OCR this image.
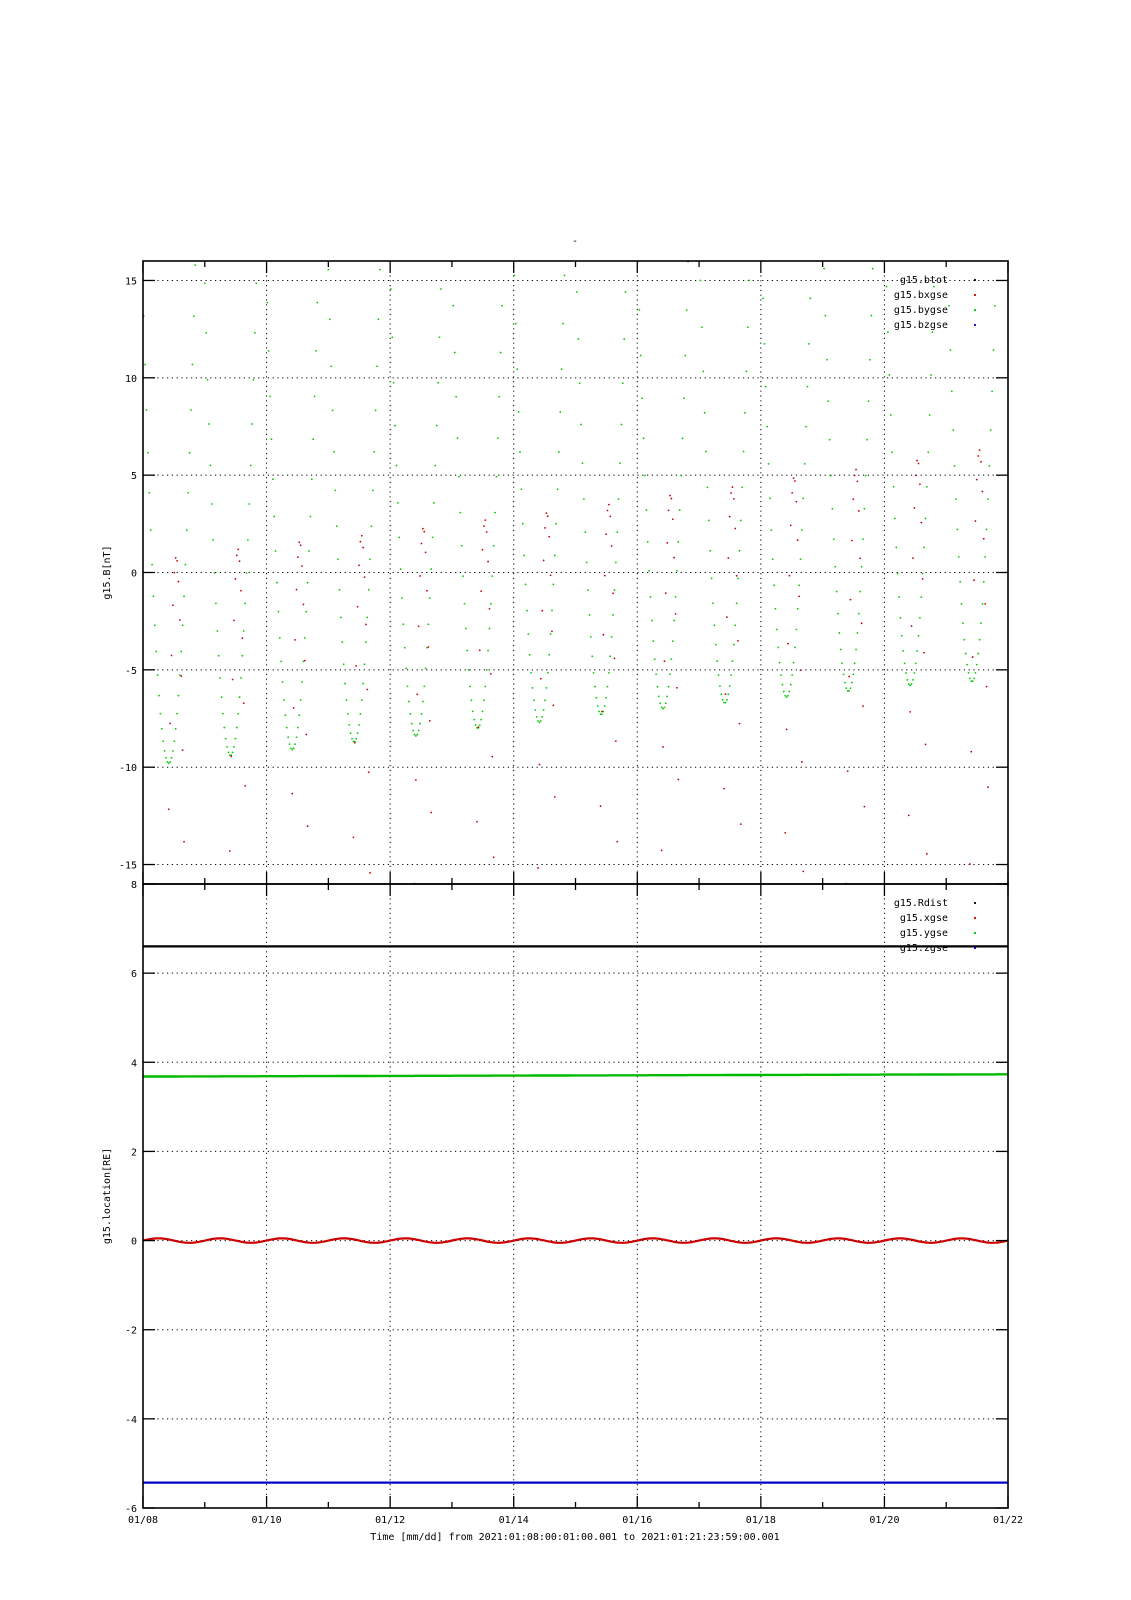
-
-15
-10
-5
0
5
10
15
g15.B[nT]
g15.btot
g15.bxgse
g15.bygse
g15.bzgse
-6
-4
-2
0
2
4
6
8
g15.location[RE]
g15.Rdist
g15.xgse
g15.ygse
g15.zgse
01/08	01/10	01/12	01/14	01/16	01/18	01/20	01/22
Time [mm/dd] from 2021:01:08:00:01:00.001 to 2021:01:21:23:59:00.001
